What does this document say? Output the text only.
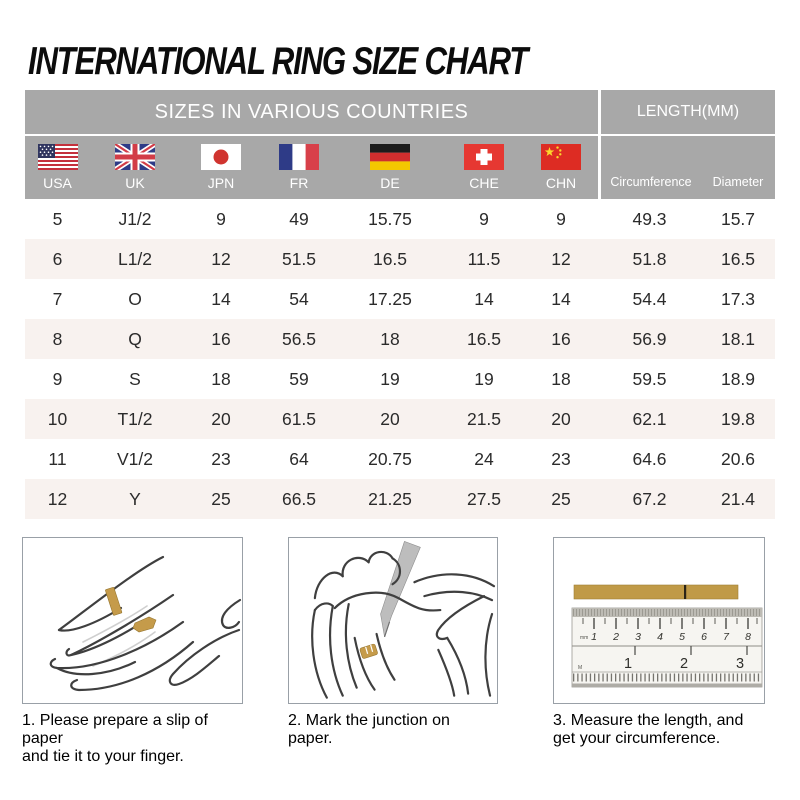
INTERNATIONAL RING SIZE CHART
SIZES IN VARIOUS COUNTRIES	LENGTH(MM)
USA	UK	JPN	FR	DE	CHE	CHN	Circumference	Diameter
5	J1/2	9	49	15.75	9	9	49.3	15.7
6	L1/2	12	51.5	16.5	11.5	12	51.8	16.5
7	O	14	54	17.25	14	14	54.4	17.3
8	Q	16	56.5	18	16.5	16	56.9	18.1
9	S	18	59	19	19	18	59.5	18.9
10	T1/2	20	61.5	20	21.5	20	62.1	19.8
11	V1/2	23	64	20.75	24	23	64.6	20.6
12	Y	25	66.5	21.25	27.5	25	67.2	21.4

1. Please prepare a slip of paper
and tie it to your finger.

2. Mark the junction on paper.

1 2 3 4 5 6 7 8
mm
1	2	3
M

3. Measure the length, and
get your circumference.
